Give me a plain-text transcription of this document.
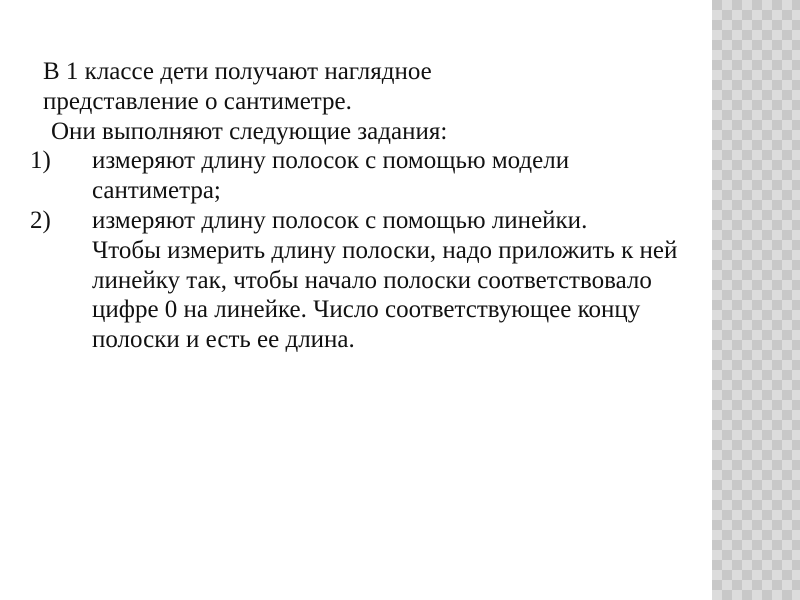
В 1 классе дети получают наглядное

представление о сантиметре.

Они выполняют следующие задания:

1)	измеряют длину полосок с помощью модели сантиметра;
2)	измеряют длину полосок с помощью линейки.

Чтобы измерить длину полоски, надо приложить к ней линейку так, чтобы начало полоски соответствовало цифре 0 на линейке. Число соответствующее концу полоски и есть ее длина.
